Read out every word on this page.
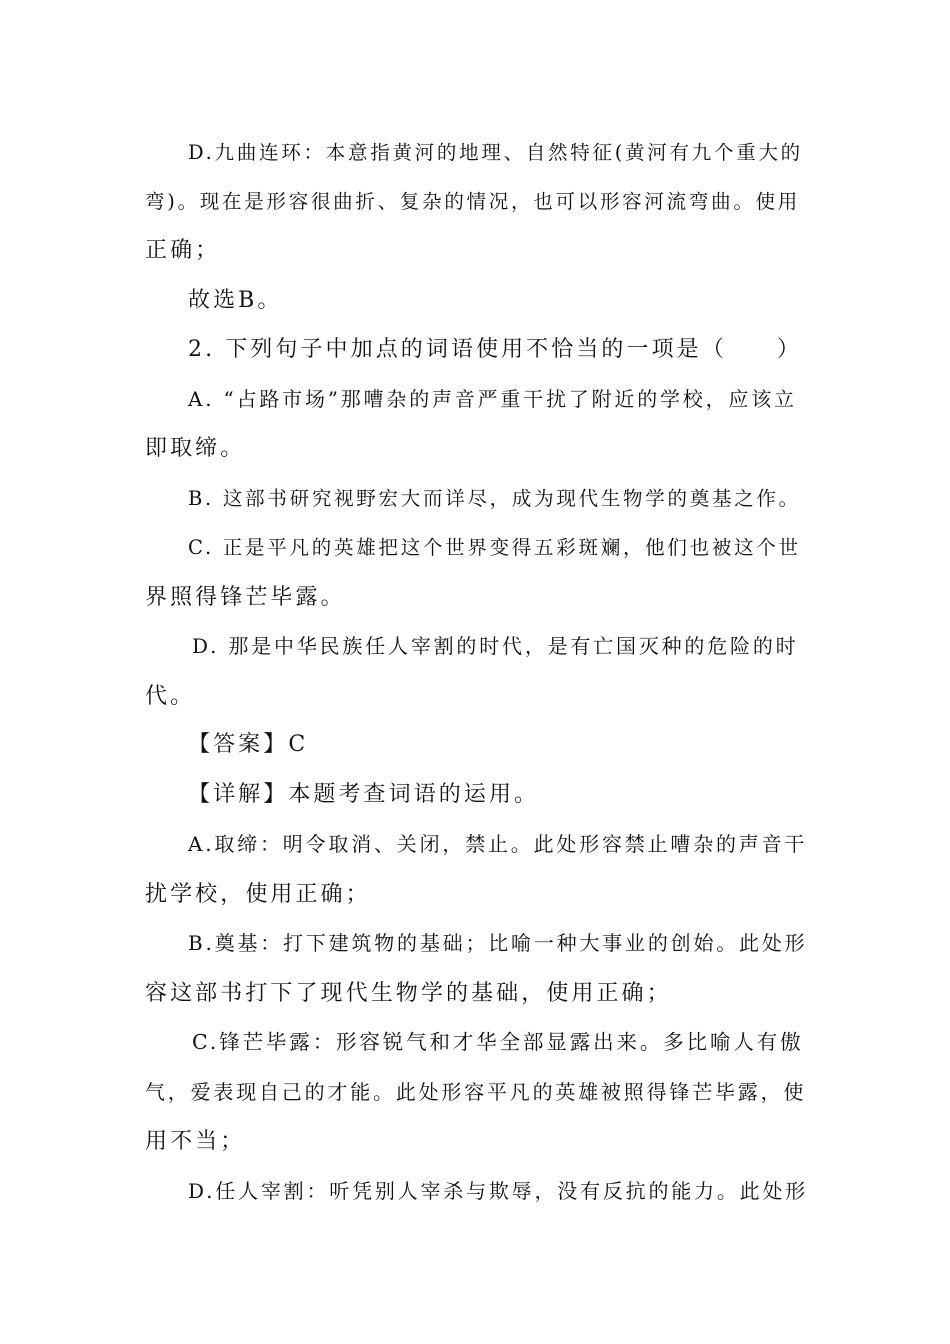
D.九曲连环：本意指黄河的地理、自然特征(黄河有九个重大的
弯)。现在是形容很曲折、复杂的情况，也可以形容河流弯曲。使用
正确；
故选B。
2. 下列句子中加点的词语使用不恰当的一项是（　　）
A. “占路市场”那嘈杂的声音严重干扰了附近的学校，应该立
即取缔。
B. 这部书研究视野宏大而详尽，成为现代生物学的奠基之作。
C. 正是平凡的英雄把这个世界变得五彩斑斓，他们也被这个世
界照得锋芒毕露。
D. 那是中华民族任人宰割的时代，是有亡国灭种的危险的时
代。
【答案】C
【详解】本题考查词语的运用。
A.取缔：明令取消、关闭，禁止。此处形容禁止嘈杂的声音干
扰学校，使用正确；
B.奠基：打下建筑物的基础；比喻一种大事业的创始。此处形
容这部书打下了现代生物学的基础，使用正确；
C.锋芒毕露：形容锐气和才华全部显露出来。多比喻人有傲
气，爱表现自己的才能。此处形容平凡的英雄被照得锋芒毕露，使
用不当；
D.任人宰割：听凭别人宰杀与欺辱，没有反抗的能力。此处形
